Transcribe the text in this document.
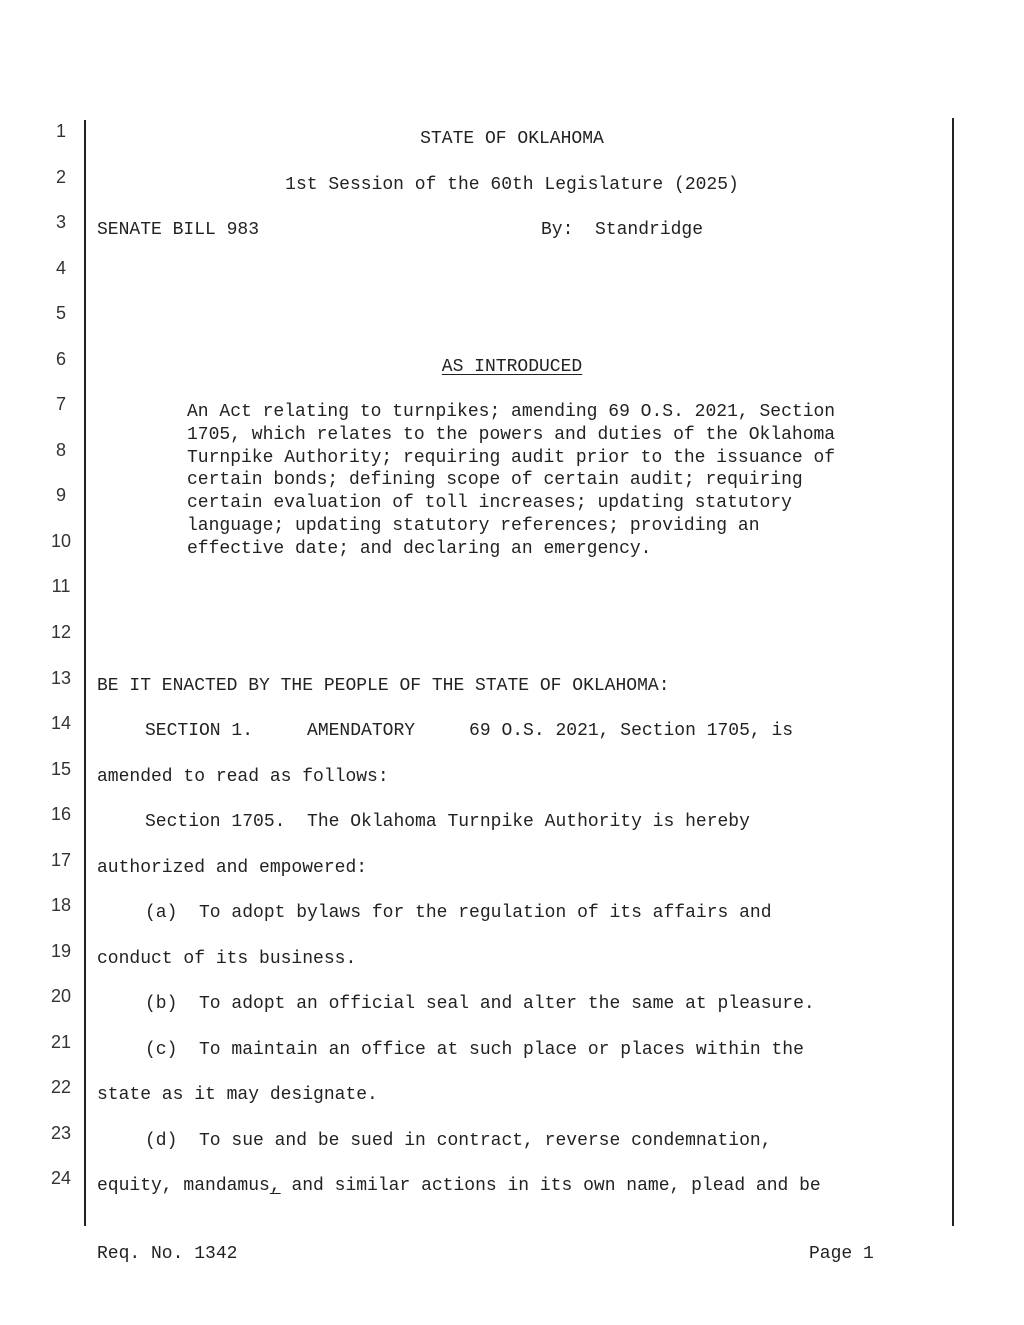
1
2
3
4
5
6
7
8
9
10
11
12
13
14
15
16
17
18
19
20
21
22
23
24
STATE OF OKLAHOMA
1st Session of the 60th Legislature (2025)
SENATE BILL 983	By:  Standridge
AS INTRODUCED
An Act relating to turnpikes; amending 69 O.S. 2021, Section 1705, which relates to the powers and duties of the Oklahoma Turnpike Authority; requiring audit prior to the issuance of certain bonds; defining scope of certain audit; requiring certain evaluation of toll increases; updating statutory language; updating statutory references; providing an effective date; and declaring an emergency.
BE IT ENACTED BY THE PEOPLE OF THE STATE OF OKLAHOMA:
SECTION 1.     AMENDATORY     69 O.S. 2021, Section 1705, is
amended to read as follows:
Section 1705.  The Oklahoma Turnpike Authority is hereby
authorized and empowered:
(a)  To adopt bylaws for the regulation of its affairs and
conduct of its business.
(b)  To adopt an official seal and alter the same at pleasure.
(c)  To maintain an office at such place or places within the
state as it may designate.
(d)  To sue and be sued in contract, reverse condemnation,
equity, mandamus, and similar actions in its own name, plead and be
Req. No. 1342	Page 1
